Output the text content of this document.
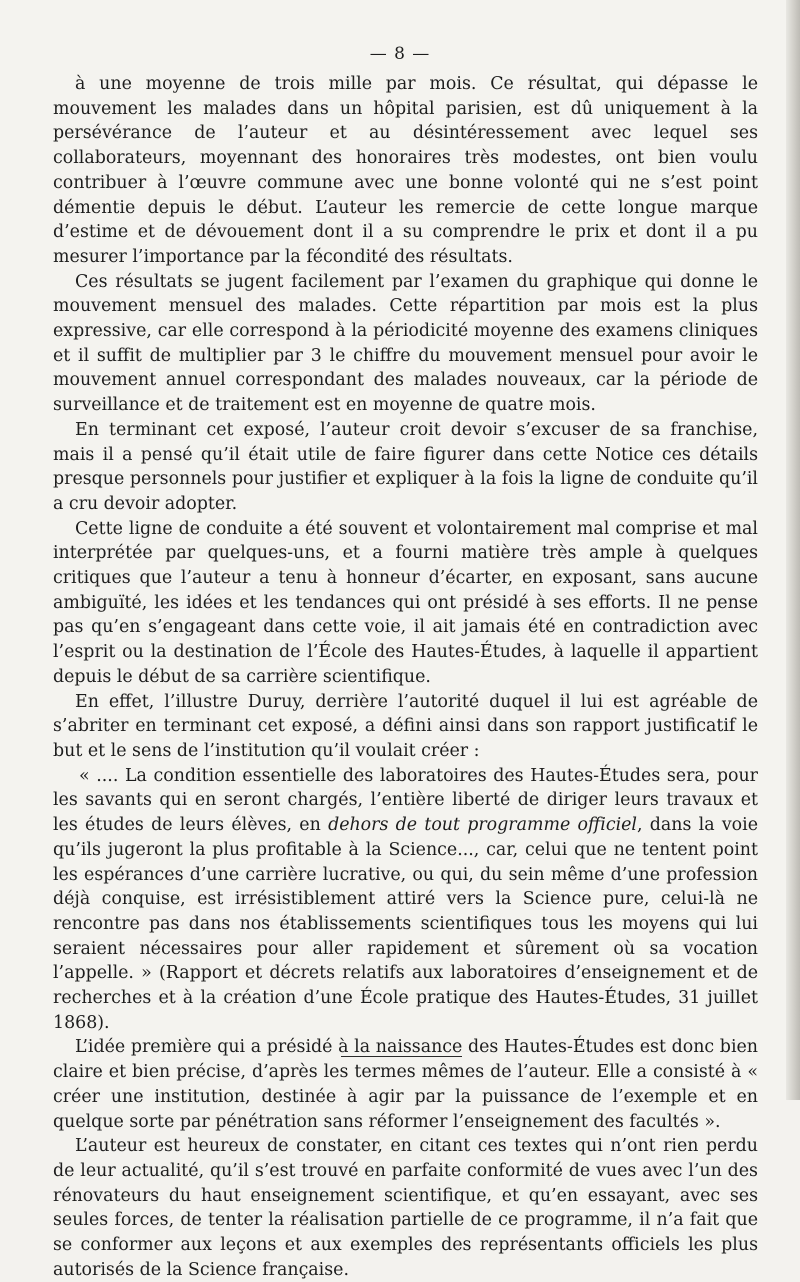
— 8 —

à une moyenne de trois mille par mois. Ce résultat, qui dépasse le mouvement les malades dans un hôpital parisien, est dû uniquement à la persévérance de l’auteur et au désintéressement avec lequel ses collaborateurs, moyennant des honoraires très modestes, ont bien voulu contribuer à l’œuvre commune avec une bonne volonté qui ne s’est point démentie depuis le début. L’auteur les remercie de cette longue marque d’estime et de dévouement dont il a su comprendre le prix et dont il a pu mesurer l’importance par la fécondité des résultats.

Ces résultats se jugent facilement par l’examen du graphique qui donne le mouvement mensuel des malades. Cette répartition par mois est la plus expressive, car elle correspond à la périodicité moyenne des examens cliniques et il suffit de multiplier par 3 le chiffre du mouvement mensuel pour avoir le mouvement annuel correspondant des malades nouveaux, car la période de surveillance et de traitement est en moyenne de quatre mois.

En terminant cet exposé, l’auteur croit devoir s’excuser de sa franchise, mais il a pensé qu’il était utile de faire figurer dans cette Notice ces détails presque personnels pour justifier et expliquer à la fois la ligne de conduite qu’il a cru devoir adopter.

Cette ligne de conduite a été souvent et volontairement mal comprise et mal interprétée par quelques-uns, et a fourni matière très ample à quelques critiques que l’auteur a tenu à honneur d’écarter, en exposant, sans aucune ambiguïté, les idées et les tendances qui ont présidé à ses efforts. Il ne pense pas qu’en s’engageant dans cette voie, il ait jamais été en contradiction avec l’esprit ou la destination de l’École des Hautes-Études, à laquelle il appartient depuis le début de sa carrière scientifique.

En effet, l’illustre Duruy, derrière l’autorité duquel il lui est agréable de s’abriter en terminant cet exposé, a défini ainsi dans son rapport justificatif le but et le sens de l’institution qu’il voulait créer :

« .... La condition essentielle des laboratoires des Hautes-Études sera, pour les savants qui en seront chargés, l’entière liberté de diriger leurs travaux et les études de leurs élèves, en dehors de tout programme officiel, dans la voie qu’ils jugeront la plus profitable à la Science..., car, celui que ne tentent point les espérances d’une carrière lucrative, ou qui, du sein même d’une profession déjà conquise, est irrésistiblement attiré vers la Science pure, celui-là ne rencontre pas dans nos établissements scientifiques tous les moyens qui lui seraient nécessaires pour aller rapidement et sûrement où sa vocation l’appelle. » (Rapport et décrets relatifs aux laboratoires d’enseignement et de recherches et à la création d’une École pratique des Hautes-Études, 31 juillet 1868).

L’idée première qui a présidé à la naissance des Hautes-Études est donc bien claire et bien précise, d’après les termes mêmes de l’auteur. Elle a consisté à « créer une institution, destinée à agir par la puissance de l’exemple et en quelque sorte par pénétration sans réformer l’enseignement des facultés ».

L’auteur est heureux de constater, en citant ces textes qui n’ont rien perdu de leur actualité, qu’il s’est trouvé en parfaite conformité de vues avec l’un des rénovateurs du haut enseignement scientifique, et qu’en essayant, avec ses seules forces, de tenter la réalisation partielle de ce programme, il n’a fait que se conformer aux leçons et aux exemples des représentants officiels les plus autorisés de la Science française.
